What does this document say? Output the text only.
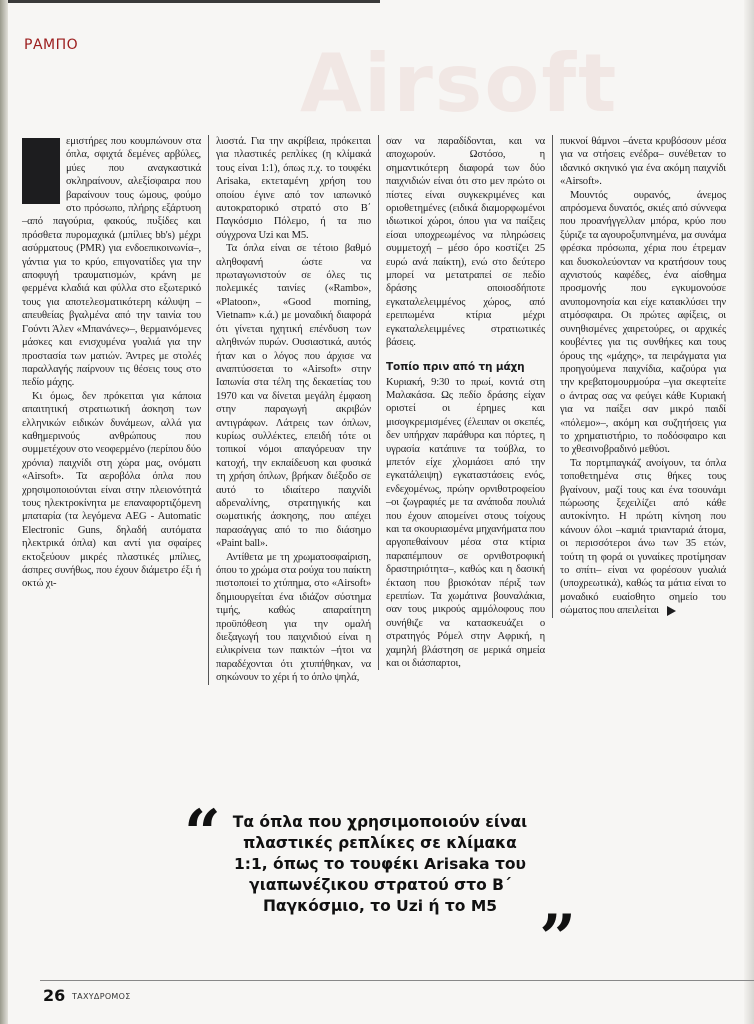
ΡΑΜΠΟ	Airsoft

εμιστήρες που κουμπώνουν στα όπλα, σφιχτά δεμένες αρβύλες, μύες που αναγκαστικά σκληραίνουν, αλεξίσφαιρα που βαραίνουν τους ώμους, φούμο στο πρόσωπο, πλήρης εξάρτυση –από παγούρια, φακούς, πυξίδες και πρόσθετα πυρομαχικά (μπίλιες bb's) μέχρι ασύρματους (PMR) για ενδοεπικοινωνία–, γάντια για το κρύο, επιγονατίδες για την αποφυγή τραυματισμών, κράνη με φερμένα κλαδιά και φύλλα στο εξωτερικό τους για αποτελεσματικότερη κάλυψη –απευθείας βγαλμένα από την ταινία του Γούντι Άλεν «Μπανάνες»–, θερμαινόμενες μάσκες και ενισχυμένα γυαλιά για την προστασία των ματιών. Άντρες με στολές παραλλαγής παίρνουν τις θέσεις τους στο πεδίο μάχης.

Κι όμως, δεν πρόκειται για κάποια απαιτητική στρατιωτική άσκηση των ελληνικών ειδικών δυνάμεων, αλλά για καθημερινούς ανθρώπους που συμμετέχουν στο νεοφερμένο (περίπου δύο χρόνια) παιχνίδι στη χώρα μας, ονόματι «Airsoft». Τα αεροβόλα όπλα που χρησιμοποιούνται είναι στην πλειονότητά τους ηλεκτροκίνητα με επαναφορτιζόμενη μπαταρία (τα λεγόμενα AEG - Automatic Electronic Guns, δηλαδή αυτόματα ηλεκτρικά όπλα) και αντί για σφαίρες εκτοξεύουν μικρές πλαστικές μπίλιες, άσπρες συνήθως, που έχουν διάμετρο έξι ή οκτώ χι-

λιοστά. Για την ακρίβεια, πρόκειται για πλαστικές ρεπλίκες (η κλίμακά τους είναι 1:1), όπως π.χ. το τουφέκι Arisaka, εκτεταμένη χρήση του οποίου έγινε από τον ιαπωνικό αυτοκρατορικό στρατό στο Β΄ Παγκόσμιο Πόλεμο, ή τα πιο σύγχρονα Uzi και M5.

Τα όπλα είναι σε τέτοιο βαθμό αληθοφανή ώστε να πρωταγωνιστούν σε όλες τις πολεμικές ταινίες («Rambo», «Platoon», «Good morning, Vietnam» κ.ά.) με μοναδική διαφορά ότι γίνεται ηχητική επένδυση των αληθινών πυρών. Ουσιαστικά, αυτός ήταν και ο λόγος που άρχισε να αναπτύσσεται το «Airsoft» στην Ιαπωνία στα τέλη της δεκαετίας του 1970 και να δίνεται μεγάλη έμφαση στην παραγωγή ακριβών αντιγράφων. Λάτρεις των όπλων, κυρίως συλλέκτες, επειδή τότε οι τοπικοί νόμοι απαγόρευαν την κατοχή, την εκπαίδευση και φυσικά τη χρήση όπλων, βρήκαν διέξοδο σε αυτό το ιδιαίτερο παιχνίδι αδρεναλίνης, στρατηγικής και σωματικής άσκησης, που απέχει παρασάγγας από το πιο διάσημο «Paint ball».

Αντίθετα με τη χρωματοσφαίριση, όπου το χρώμα στα ρούχα του παίκτη πιστοποιεί το χτύπημα, στο «Airsoft» δημιουργείται ένα ιδιάζον σύστημα τιμής, καθώς απαραίτητη προϋπόθεση για την ομαλή διεξαγωγή του παιχνιδιού είναι η ειλικρίνεια των παικτών –ήτοι να παραδέχονται ότι χτυπήθηκαν, να σηκώνουν το χέρι ή το όπλο ψηλά,

σαν να παραδίδονται, και να αποχωρούν. Ωστόσο, η σημαντικότερη διαφορά των δύο παιχνιδιών είναι ότι στο μεν πρώτο οι πίστες είναι συγκεκριμένες και οριοθετημένες (ειδικά διαμορφωμένοι ιδιωτικοί χώροι, όπου για να παίξεις είσαι υποχρεωμένος να πληρώσεις συμμετοχή – μέσο όρο κοστίζει 25 ευρώ ανά παίκτη), ενώ στο δεύτερο μπορεί να μετατραπεί σε πεδίο δράσης οποιοσδήποτε εγκαταλελειμμένος χώρος, από ερειπωμένα κτίρια μέχρι εγκαταλελειμμένες στρατιωτικές βάσεις.

Τοπίο πριν από τη μάχη

Κυριακή, 9:30 το πρωί, κοντά στη Μαλακάσα. Ως πεδίο δράσης είχαν οριστεί οι έρημες και μισογκρεμισμένες (έλειπαν οι σκεπές, δεν υπήρχαν παράθυρα και πόρτες, η υγρασία κατάπινε τα τούβλα, το μπετόν είχε χλομιάσει από την εγκατάλειψη) εγκαταστάσεις ενός, ενδεχομένως, πρώην ορνιθοτροφείου –οι ζωγραφιές με τα ανάποδα πουλιά που έχουν απομείνει στους τοίχους και τα σκουριασμένα μηχανήματα που αργοπεθαίνουν μέσα στα κτίρια παραπέμπουν σε ορνιθοτροφική δραστηριότητα–, καθώς και η δασική έκταση που βρισκόταν πέριξ των ερειπίων. Τα χωμάτινα βουναλάκια, σαν τους μικρούς αμμόλοφους που συνήθιζε να κατασκευάζει ο στρατηγός Ρόμελ στην Αφρική, η χαμηλή βλάστηση σε μερικά σημεία και οι διάσπαρτοι,

πυκνοί θάμνοι –άνετα κρυβόσουν μέσα για να στήσεις ενέδρα– συνέθεταν το ιδανικό σκηνικό για ένα ακόμη παιχνίδι «Airsoft».

Μουντός ουρανός, άνεμος απρόσμενα δυνατός, σκιές από σύννεφα που προανήγγελλαν μπόρα, κρύο που ξύριζε τα αγουροξυπνημένα, μα συνάμα φρέσκα πρόσωπα, χέρια που έτρεμαν και δυσκολεύονταν να κρατήσουν τους αχνιστούς καφέδες, ένα αίσθημα προσμονής που εγκυμονούσε ανυπομονησία και είχε κατακλύσει την ατμόσφαιρα. Οι πρώτες αφίξεις, οι συνηθισμένες χαιρετούρες, οι αρχικές κουβέντες για τις συνθήκες και τους όρους της «μάχης», τα πειράγματα για προηγούμενα παιχνίδια, καζούρα για την κρεβατομουρμούρα –για σκεφτείτε ο άντρας σας να φεύγει κάθε Κυριακή για να παίξει σαν μικρό παιδί «πόλεμο»–, ακόμη και συζητήσεις για το χρηματιστήριο, το ποδόσφαιρο και το χθεσινοβραδινό μεθύσι.

Τα πορτμπαγκάζ ανοίγουν, τα όπλα τοποθετημένα στις θήκες τους βγαίνουν, μαζί τους και ένα τσουνάμι πώρωσης ξεχειλίζει από κάθε αυτοκίνητο. Η πρώτη κίνηση που κάνουν όλοι –καμιά τριανταριά άτομα, οι περισσότεροι άνω των 35 ετών, τούτη τη φορά οι γυναίκες προτίμησαν το σπίτι– είναι να φορέσουν γυαλιά (υποχρεωτικά), καθώς τα μάτια είναι το μοναδικό ευαίσθητο σημείο του σώματος που απειλείται

“ Τα όπλα που χρησιμοποιούν είναι πλαστικές ρεπλίκες σε κλίμακα 1:1, όπως το τουφέκι Arisaka του γιαπωνέζικου στρατού στο Β΄ Παγκόσμιο, το Uzi ή το M5 ”
26 ΤΑΧΥΔΡΟΜΟΣ
